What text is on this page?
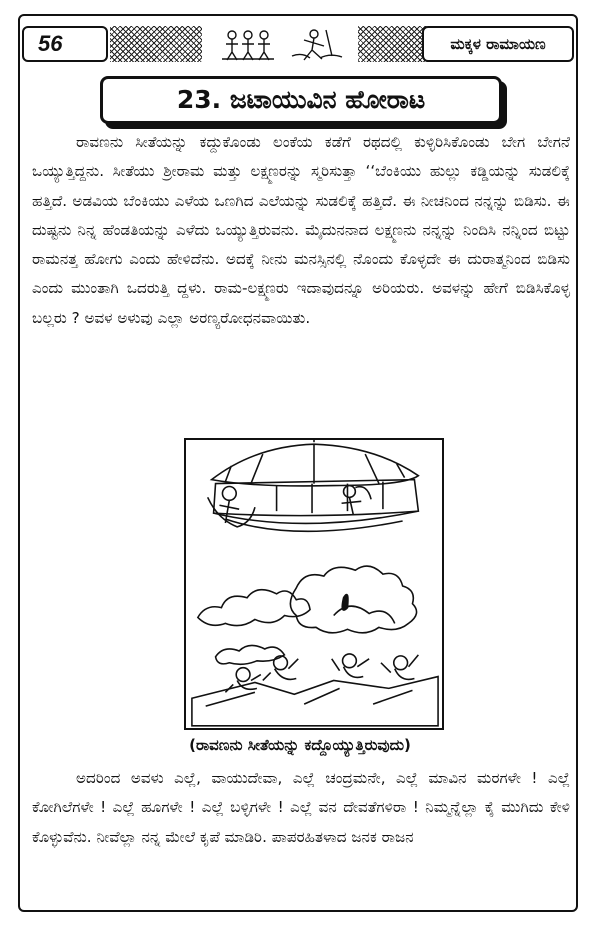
56	ಮಕ್ಕಳ ರಾಮಾಯಣ
23. ಜಟಾಯುವಿನ ಹೋರಾಟ

ರಾವಣನು ಸೀತೆಯನ್ನು ಕದ್ದುಕೊಂಡು ಲಂಕೆಯ ಕಡೆಗೆ ರಥದಲ್ಲಿ ಕುಳ್ಳಿರಿಸಿಕೊಂಡು ಬೇಗ ಬೇಗನೆ ಒಯ್ಯುತ್ತಿದ್ದನು. ಸೀತೆಯು ಶ್ರೀರಾಮ ಮತ್ತು ಲಕ್ಷ್ಮಣರನ್ನು ಸ್ಮರಿಸುತ್ತಾ ‘‘ಬೆಂಕಿಯು ಹುಲ್ಲು ಕಡ್ಡಿಯನ್ನು ಸುಡಲಿಕ್ಕೆ ಹತ್ತಿದೆ. ಅಡವಿಯ ಬೆಂಕಿಯು ಎಳೆಯ ಒಣಗಿದ ಎಲೆಯನ್ನು ಸುಡಲಿಕ್ಕೆ ಹತ್ತಿದೆ. ಈ ನೀಚನಿಂದ ನನ್ನನ್ನು ಬಿಡಿಸು. ಈ ದುಷ್ಟನು ನಿನ್ನ ಹೆಂಡತಿಯನ್ನು ಎಳೆದು ಒಯ್ಯುತ್ತಿರುವನು. ಮೈದುನನಾದ ಲಕ್ಷ್ಮಣನು ನನ್ನನ್ನು ನಿಂದಿಸಿ ನನ್ನಿಂದ ಬಿಟ್ಟು ರಾಮನತ್ತ ಹೋಗು ಎಂದು ಹೇಳಿದೆನು. ಅದಕ್ಕೆ ನೀನು ಮನಸ್ಸಿನಲ್ಲಿ ನೊಂದು ಕೊಳ್ಳದೇ ಈ ದುರಾತ್ಮನಿಂದ ಬಿಡಿಸು ಎಂದು ಮುಂತಾಗಿ ಒದರುತ್ತಿ ದ್ದಳು. ರಾಮ-ಲಕ್ಷ್ಮಣರು ಇದಾವುದನ್ನೂ ಅರಿಯರು. ಅವಳನ್ನು ಹೇಗೆ ಬಿಡಿಸಿಕೊಳ್ಳ ಬಲ್ಲರು ? ಅವಳ ಅಳುವು ಎಲ್ಲಾ ಅರಣ್ಯರೋಧನವಾಯಿತು.

(ರಾವಣನು ಸೀತೆಯನ್ನು ಕದ್ದೊಯ್ಯುತ್ತಿರುವುದು)

ಅದರಿಂದ ಅವಳು ಎಲ್ಲೆ, ವಾಯುದೇವಾ, ಎಲ್ಲೆ ಚಂದ್ರಮನೇ, ಎಲ್ಲೆ ಮಾವಿನ ಮರಗಳೇ ! ಎಲ್ಲೆ ಕೋಗಿಲೆಗಳೇ ! ಎಲ್ಲೆ ಹೂಗಳೇ ! ಎಲ್ಲೆ ಬಳ್ಳಿಗಳೇ ! ಎಲ್ಲೆ ವನ ದೇವತೆಗಳಿರಾ ! ನಿಮ್ಮನ್ನೆಲ್ಲಾ ಕೈ ಮುಗಿದು ಕೇಳಿ ಕೊಳ್ಳುವೆನು. ನೀವೆಲ್ಲಾ ನನ್ನ ಮೇಲೆ ಕೃಪೆ ಮಾಡಿರಿ. ಪಾಪರಹಿತಳಾದ ಜನಕ ರಾಜನ
